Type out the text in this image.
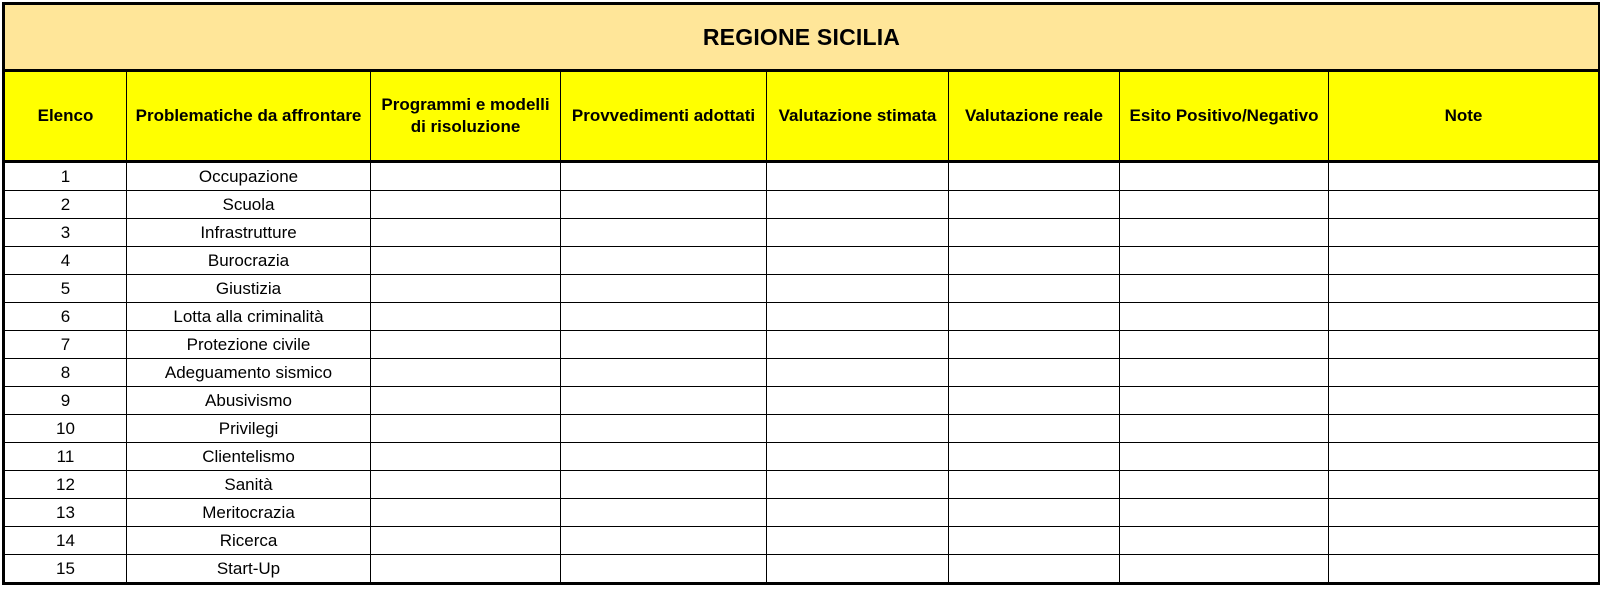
REGIONE SICILIA							
Elenco	Problematiche da affrontare	Programmi e modelli di risoluzione	Provvedimenti adottati	Valutazione stimata	Valutazione reale	Esito Positivo/Negativo	Note
1	Occupazione						
2	Scuola						
3	Infrastrutture						
4	Burocrazia						
5	Giustizia						
6	Lotta alla criminalità						
7	Protezione civile						
8	Adeguamento sismico						
9	Abusivismo						
10	Privilegi						
11	Clientelismo						
12	Sanità						
13	Meritocrazia						
14	Ricerca						
15	Start-Up						
